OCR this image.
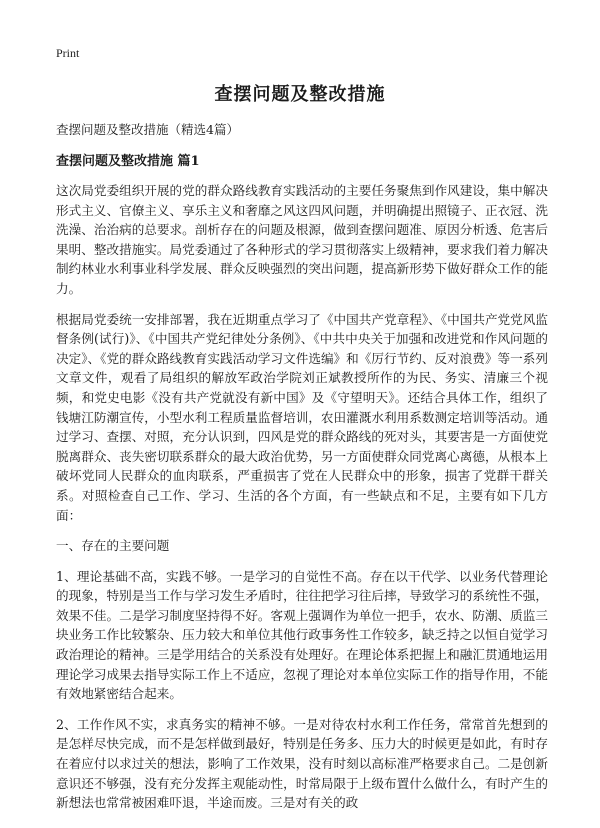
Print
查摆问题及整改措施

查摆问题及整改措施（精选4篇）

查摆问题及整改措施 篇1

这次局党委组织开展的党的群众路线教育实践活动的主要任务聚焦到作风建设，集中解决形式主义、官僚主义、享乐主义和奢靡之风这四风问题，并明确提出照镜子、正衣冠、洗洗澡、治治病的总要求。剖析存在的问题及根源，做到查摆问题准、原因分析透、危害后果明、整改措施实。局党委通过了各种形式的学习贯彻落实上级精神，要求我们着力解决制约林业水利事业科学发展、群众反映强烈的突出问题，提高新形势下做好群众工作的能力。

根据局党委统一安排部署，我在近期重点学习了《中国共产党章程》、《中国共产党党风监督条例(试行)》、《中国共产党纪律处分条例》、《中共中央关于加强和改进党和作风问题的决定》、《党的群众路线教育实践活动学习文件选编》和《厉行节约、反对浪费》等一系列文章文件，观看了局组织的解放军政治学院刘正斌教授所作的为民、务实、清廉三个视频，和党史电影《没有共产党就没有新中国》及《守望明天》。还结合具体工作，组织了钱塘江防潮宣传，小型水利工程质量监督培训，农田灌溉水利用系数测定培训等活动。通过学习、查摆、对照，充分认识到，四风是党的群众路线的死对头，其要害是一方面使党脱离群众、丧失密切联系群众的最大政治优势，另一方面使群众同党离心离德，从根本上破坏党同人民群众的血肉联系，严重损害了党在人民群众中的形象，损害了党群干群关系。对照检查自己工作、学习、生活的各个方面，有一些缺点和不足，主要有如下几方面：

一、存在的主要问题

1、理论基础不高，实践不够。一是学习的自觉性不高。存在以干代学、以业务代替理论的现象，特别是当工作与学习发生矛盾时，往往把学习往后摔，导致学习的系统性不强，效果不佳。二是学习制度坚持得不好。客观上强调作为单位一把手，农水、防潮、质监三块业务工作比较繁杂、压力较大和单位其他行政事务性工作较多，缺乏持之以恒自觉学习政治理论的精神。三是学用结合的关系没有处理好。在理论体系把握上和融汇贯通地运用理论学习成果去指导实际工作上不适应，忽视了理论对本单位实际工作的指导作用，不能有效地紧密结合起来。

2、工作作风不实，求真务实的精神不够。一是对待农村水利工作任务，常常首先想到的是怎样尽快完成，而不是怎样做到最好，特别是任务多、压力大的时候更是如此，有时存在着应付以求过关的想法，影响了工作效果，没有时刻以高标准严格要求自己。二是创新意识还不够强，没有充分发挥主观能动性，时常局限于上级布置什么做什么，有时产生的新想法也常常被困难吓退，半途而废。三是对有关的政
